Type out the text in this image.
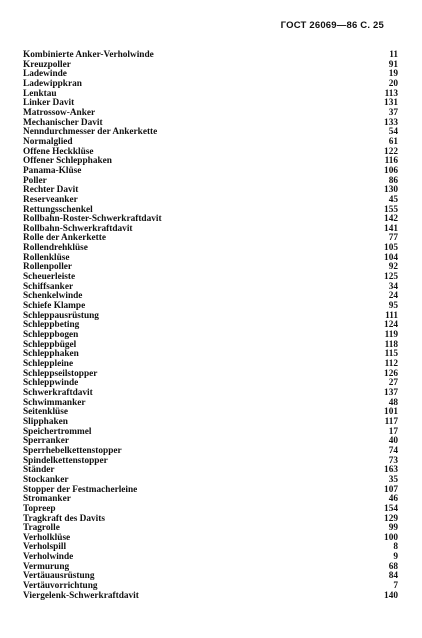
ГОСТ 26069—86 С. 25
Kombinierte Anker-Verholwinde	11
Kreuzpoller	91
Ladewinde	19
Ladewippkran	20
Lenktau	113
Linker Davit	131
Matrossow-Anker	37
Mechanischer Davit	133
Nenndurchmesser der Ankerkette	54
Normalglied	61
Offene Heckklüse	122
Offener Schlepphaken	116
Panama-Klüse	106
Poller	86
Rechter Davit	130
Reserveanker	45
Rettungsschenkel	155
Rollbahn-Roster-Schwerkraftdavit	142
Rollbahn-Schwerkraftdavit	141
Rolle der Ankerkette	77
Rollendrehklüse	105
Rollenklüse	104
Rollenpoller	92
Scheuerleiste	125
Schiffsanker	34
Schenkelwinde	24
Schiefe Klampe	95
Schleppausrüstung	111
Schleppbeting	124
Schleppbogen	119
Schleppbügel	118
Schlepphaken	115
Schleppleine	112
Schleppseilstopper	126
Schleppwinde	27
Schwerkraftdavit	137
Schwimmanker	48
Seitenklüse	101
Slipphaken	117
Speichertrommel	17
Sperranker	40
Sperrhebelkettenstopper	74
Spindelkettenstopper	73
Ständer	163
Stockanker	35
Stopper der Festmacherleine	107
Stromanker	46
Topreep	154
Tragkraft des Davits	129
Tragrolle	99
Verholklüse	100
Verholspill	8
Verholwinde	9
Vermurung	68
Vertäuausrüstung	84
Vertäuvorrichtung	7
Viergelenk-Schwerkraftdavit	140
